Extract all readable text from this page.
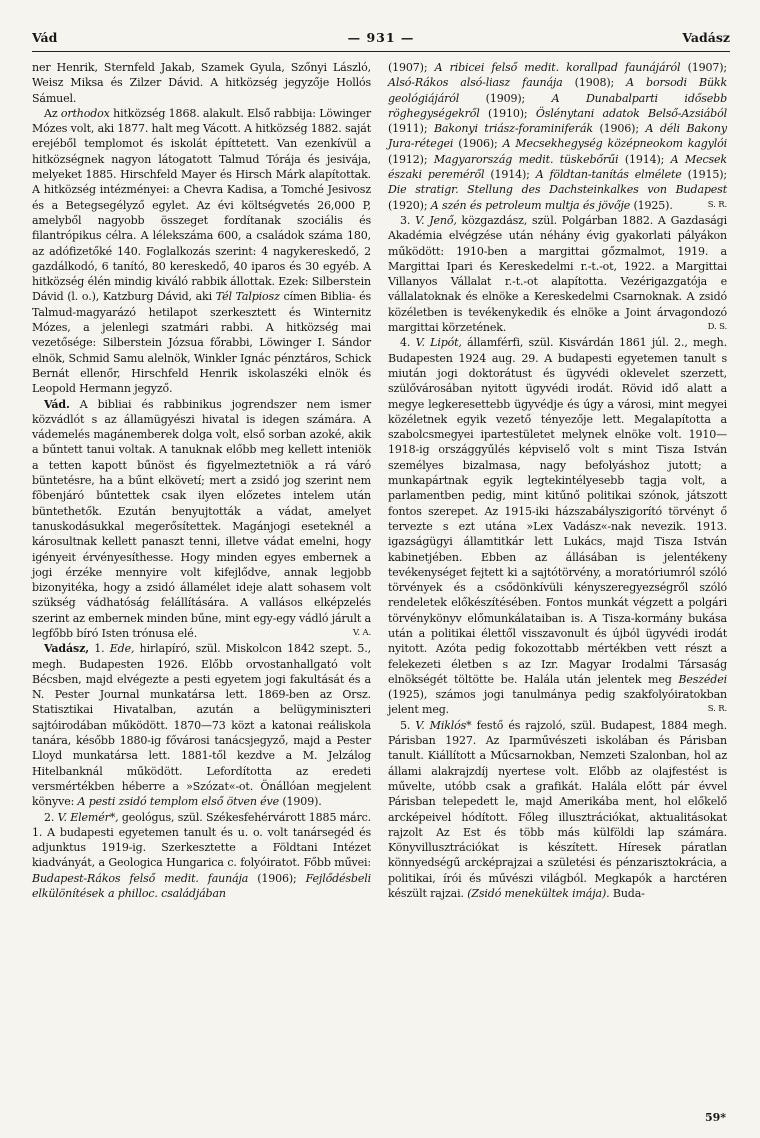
— 931 —
Vád	Vadász

ner Henrik, Sternfeld Jakab, Szamek Gyula, Szőnyi László, Weisz Miksa és Zilzer Dávid. A hitközség jegyzője Hollós Sámuel.

Az orthodox hitközség 1868. alakult. Első rabbija: Löwinger Mózes volt, aki 1877. halt meg Vácott. A hitközség 1882. saját erejéből templomot és iskolát építtetett. Van ezenkívül a hitközségnek nagyon látogatott Talmud Tórája és jesivája, melyeket 1885. Hirschfeld Mayer és Hirsch Márk alapítottak. A hitközség intézményei: a Chevra Kadisa, a Tomché Jesivosz és a Betegsegélyző egylet. Az évi költségvetés 26,000 P, amelyből nagyobb összeget fordítanak szociális és filantrópikus célra. A lélekszáma 600, a családok száma 180, az adófizetőké 140. Foglalkozás szerint: 4 nagykereskedő, 2 gazdálkodó, 6 tanító, 80 kereskedő, 40 iparos és 30 egyéb. A hitközség élén mindig kiváló rabbik állottak. Ezek: Silberstein Dávid (l. o.), Katzburg Dávid, aki Tél Talpiosz címen Biblia- és Talmud-magyarázó hetilapot szerkesztett és Winternitz Mózes, a jelenlegi szatmári rabbi. A hitközség mai vezetősége: Silberstein Józsua főrabbi, Löwinger I. Sándor elnök, Schmid Samu alelnök, Winkler Ignác pénztáros, Schick Bernát ellenőr, Hirschfeld Henrik iskolaszéki elnök és Leopold Hermann jegyző.

Vád. A bibliai és rabbinikus jogrendszer nem ismer közvádlót s az államügyészi hivatal is idegen számára. A vádemelés magánemberek dolga volt, első sorban azoké, akik a bűntett tanui voltak. A tanuknak előbb meg kellett inteniök a tetten kapott bűnöst és figyelmeztetniök a rá váró büntetésre, ha a bűnt elkövetí; mert a zsidó jog szerint nem fõbenjáró bűntettek csak ilyen előzetes intelem után büntethetők. Ezután benyujtották a vádat, amelyet tanuskodásukkal megerősítettek. Magánjogi eseteknél a károsultnak kellett panaszt tenni, illetve vádat emelni, hogy igényeit érvényesíthesse. Hogy minden egyes embernek a jogi érzéke mennyire volt kifejlődve, annak legjobb bizonyitéka, hogy a zsidó államélet ideje alatt sohasem volt szükség vádhatóság felállítására. A vallásos elképzelés szerint az embernek minden bűne, mint egy-egy vádló járult a legfőbb bíró Isten trónusa elé.	V. A.

Vadász, 1. Ede, hirlapíró, szül. Miskolcon 1842 szept. 5., megh. Budapesten 1926. Előbb orvostanhallgató volt Bécsben, majd elvégezte a pesti egyetem jogi fakultását és a N. Pester Journal munkatársa lett. 1869-ben az Orsz. Statisztikai Hivatalban, azután a belügyminiszteri sajtóirodában működött. 1870—73 közt a katonai reáliskola tanára, később 1880-ig fővárosi tanácsjegyző, majd a Pester Lloyd munkatársa lett. 1881-től kezdve a M. Jelzálog Hitelbanknál működött. Lefordította az eredeti versmértékben héberre a »Szózat«-ot. Önállóan megjelent könyve: A pesti zsidó templom első ötven éve (1909).

2. V. Elemér*, geológus, szül. Székesfehérvárott 1885 márc. 1. A budapesti egyetemen tanult és u. o. volt tanársegéd és adjunktus 1919-ig. Szerkesztette a Földtani Intézet kiadványát, a Geologica Hungarica c. folyóiratot. Főbb művei: Budapest-Rákos felső medit. faunája (1906); Fejlődésbeli elkülönítések a philloc. családjában

(1907); A ribicei felső medit. korallpad faunájáról (1907); Alsó-Rákos alsó-liasz faunája (1908); A borsodi Bükk geológiájáról (1909); A Dunabalparti idősebb röghegységekről (1910); Öslénytani adatok Belső-Azsiából (1911); Bakonyi triász-foraminiferák (1906); A déli Bakony Jura-rétegei (1906); A Mecsekhegység középneokom kagylói (1912); Magyarország medit. tüskebőrűi (1914); A Mecsek északi pereméről (1914); A földtan-tanítás elmélete (1915); Die stratigr. Stellung des Dachsteinkalkes von Budapest (1920); A szén és petroleum multja és jövője (1925).	S. R.

3. V. Jenő, közgazdász, szül. Polgárban 1882. A Gazdasági Akadémia elvégzése után néhány évig gyakorlati pályákon működött: 1910-ben a margittai gőzmalmot, 1919. a Margittai Ipari és Kereskedelmi r.-t.-ot, 1922. a Margittai Villanyos Vállalat r.-t.-ot alapította. Vezérigazgatója e vállalatoknak és elnöke a Kereskedelmi Csarnoknak. A zsidó közéletben is tevékenykedik és elnöke a Joint árvagondozó margittai körzetének.	D. S.

4. V. Lipót, államférfi, szül. Kisvárdán 1861 júl. 2., megh. Budapesten 1924 aug. 29. A budapesti egyetemen tanult s miután jogi doktorátust és ügyvédi oklevelet szerzett, szülővárosában nyitott ügyvédi irodát. Rövid idő alatt a megye legkeresettebb ügyvédje és úgy a városi, mint megyei közéletnek egyik vezető tényezője lett. Megalapította a szabolcsmegyei ipartestületet melynek elnöke volt. 1910—1918-ig országgyűlés képviselő volt s mint Tisza István személyes bizalmasa, nagy befolyáshoz jutott; a munkapártnak egyik legtekintélyesebb tagja volt, a parlamentben pedig, mint kitűnő politikai szónok, játszott fontos szerepet. Az 1915-iki házszabályszigorító törvényt ő tervezte s ezt utána »Lex Vadász«-nak nevezik. 1913. igazságügyi államtitkár lett Lukács, majd Tisza István kabinetjében. Ebben az állásában is jelentékeny tevékenységet fejtett ki a sajtótörvény, a moratóriumról szóló törvények és a csődönkívüli kényszeregyezségről szóló rendeletek előkészítésében. Fontos munkát végzett a polgári törvénykönyv előmunkálataiban is. A Tisza-kormány bukása után a politikai élettől visszavonult és újból ügyvédi irodát nyitott. Azóta pedig fokozottabb mértékben vett részt a felekezeti életben s az Izr. Magyar Irodalmi Társaság elnökségét töltötte be. Halála után jelentek meg Beszédei (1925), számos jogi tanulmánya pedig szakfolyóiratokban jelent meg.	S. R.

5. V. Miklós* festő és rajzoló, szül. Budapest, 1884 megh. Párisban 1927. Az Iparművészeti iskolában és Párisban tanult. Kiállított a Műcsarnokban, Nemzeti Szalonban, hol az állami alakrajzdíj nyertese volt. Előbb az olajfestést is művelte, utóbb csak a grafikát. Halála előtt pár évvel Párisban telepedett le, majd Amerikába ment, hol előkelő arcképeivel hódított. Főleg illusztrációkat, aktualitásokat rajzolt Az Est és több más külföldi lap számára. Könyvillusztrációkat is készített. Híresek páratlan könnyedségű arcképrajzai a születési és pénzarisztokrácia, a politikai, írói és művészi világból. Megkapók a harctéren készült rajzai. (Zsidó menekültek imája). Buda-

59*
